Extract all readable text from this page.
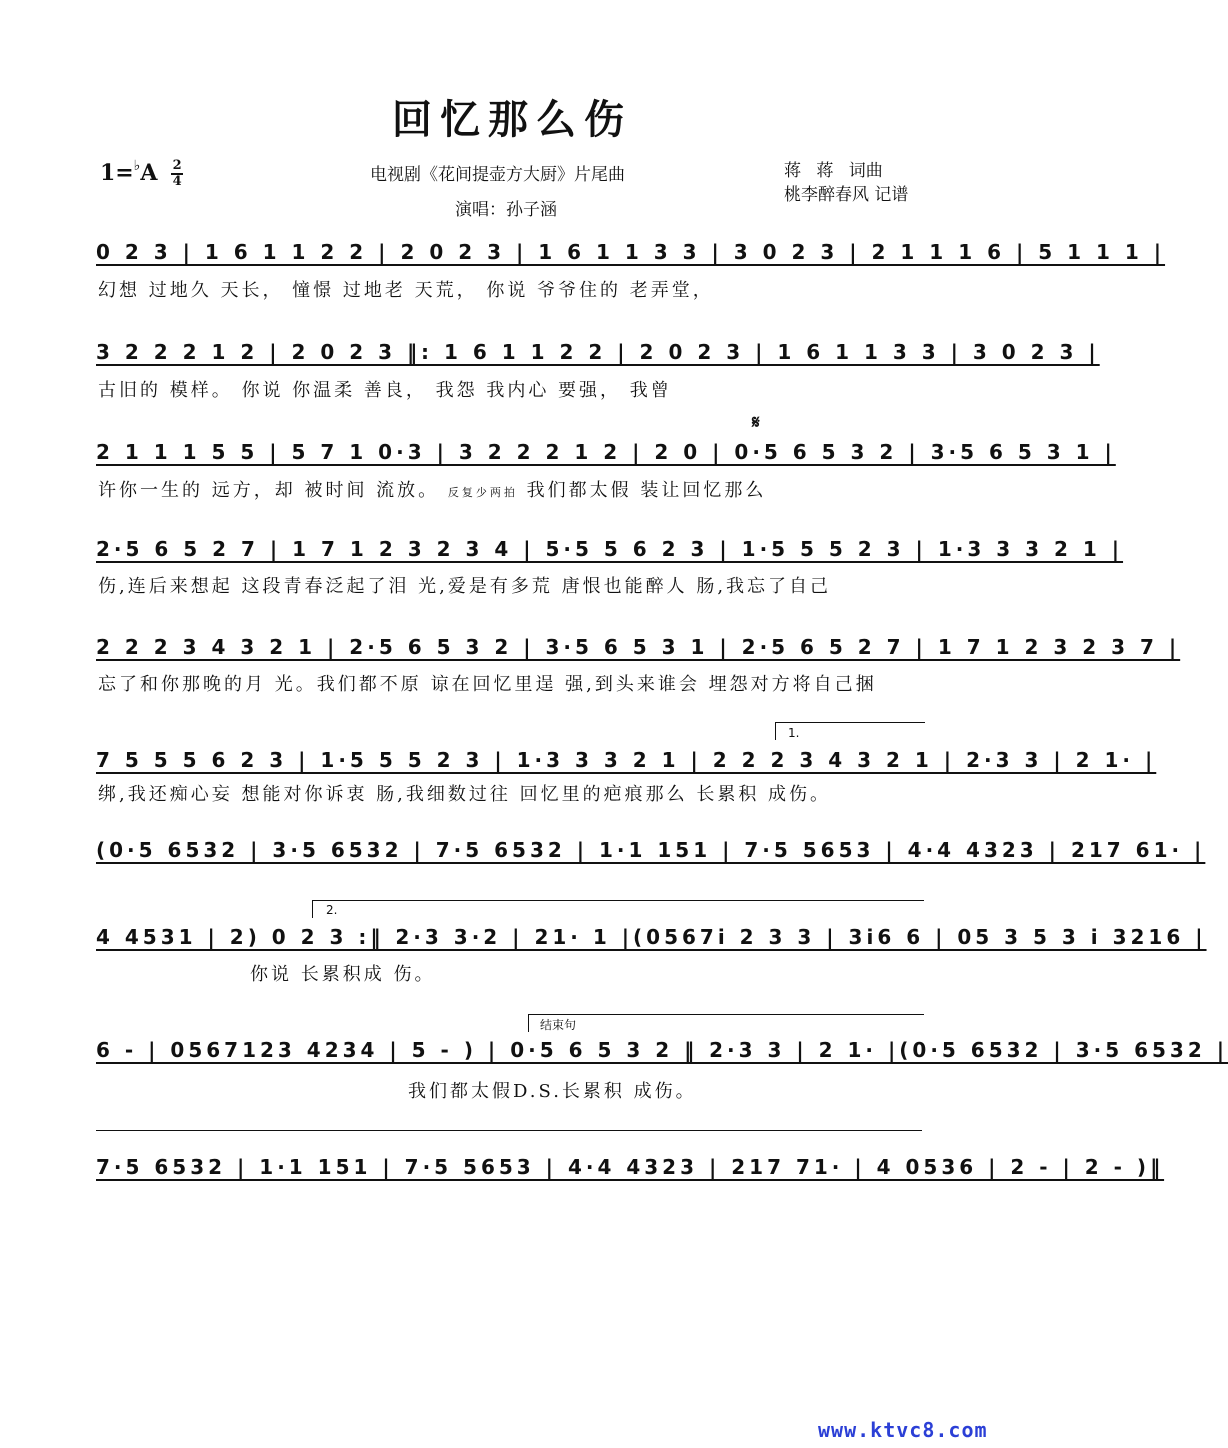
回忆那么伤
$1=^♭A \frac{2}{4}$	电视剧《花间提壶方大厨》片尾曲
演唱：孙子涵
蒋 蒋 词曲
桃李醉春风 记谱
0 2 3 | 1 6 1 1 2 2 | 2 0 2 3 | 1 6 1 1 3 3 | 3 0 2 3 | 2 1 1 1 6 | 5 1 1 1 |
幻想 过地久 天长， 憧憬 过地老 天荒， 你说 爷爷住的 老弄堂，
3 2 2 2 1 2 | 2 0 2 3 ‖: 1 6 1 1 2 2 | 2 0 2 3 | 1 6 1 1 3 3 | 3 0 2 3 |
古旧的 模样。 你说 你温柔 善良， 我怨 我内心 要强， 我曾
𝄋
2 1 1 1 5 5 | 5 7 1 0·3 | 3 2 2 2 1 2 | 2 0 | 0·5 6 5 3 2 | 3·5 6 5 3 1 |
许你一生的 远方，却 被时间 流放。 反复少两拍 我们都太假 装让回忆那么
2·5 6 5 2 7 | 1 7 1 2 3 2 3 4 | 5·5 5 6 2 3 | 1·5 5 5 2 3 | 1·3 3 3 2 1 |
伤,连后来想起 这段青春泛起了泪 光,爱是有多荒 唐恨也能醉人 肠,我忘了自己
2 2 2 3 4 3 2 1 | 2·5 6 5 3 2 | 3·5 6 5 3 1 | 2·5 6 5 2 7 | 1 7 1 2 3 2 3 7 |
忘了和你那晚的月 光。我们都不原 谅在回忆里逞 强,到头来谁会 埋怨对方将自己捆
1.
7 5 5 5 6 2 3 | 1·5 5 5 2 3 | 1·3 3 3 2 1 | 2 2 2 3 4 3 2 1 | 2·3 3 | 2 1· |
绑,我还痴心妄 想能对你诉衷 肠,我细数过往 回忆里的疤痕那么 长累积 成伤。
(0·5 6532 | 3·5 6532 | 7·5 6532 | 1·1 151 | 7·5 5653 | 4·4 4323 | 217 61· |
2.
4 4531 | 2) 0 2 3 :‖ 2·3 3·2 | 21· 1 |(0567i 2 3 3 | 3i6 6 | 05 3 5 3 i 3216 |
你说 长累积成 伤。
结束句
6 - | 0567123 4234 | 5 - ) | 0·5 6 5 3 2 ‖ 2·3 3 | 2 1· |(0·5 6532 | 3·5 6532 |
我们都太假D.S.长累积 成伤。
7·5 6532 | 1·1 151 | 7·5 5653 | 4·4 4323 | 217 71· | 4 0536 | 2 - | 2 - )‖
www.ktvc8.com
